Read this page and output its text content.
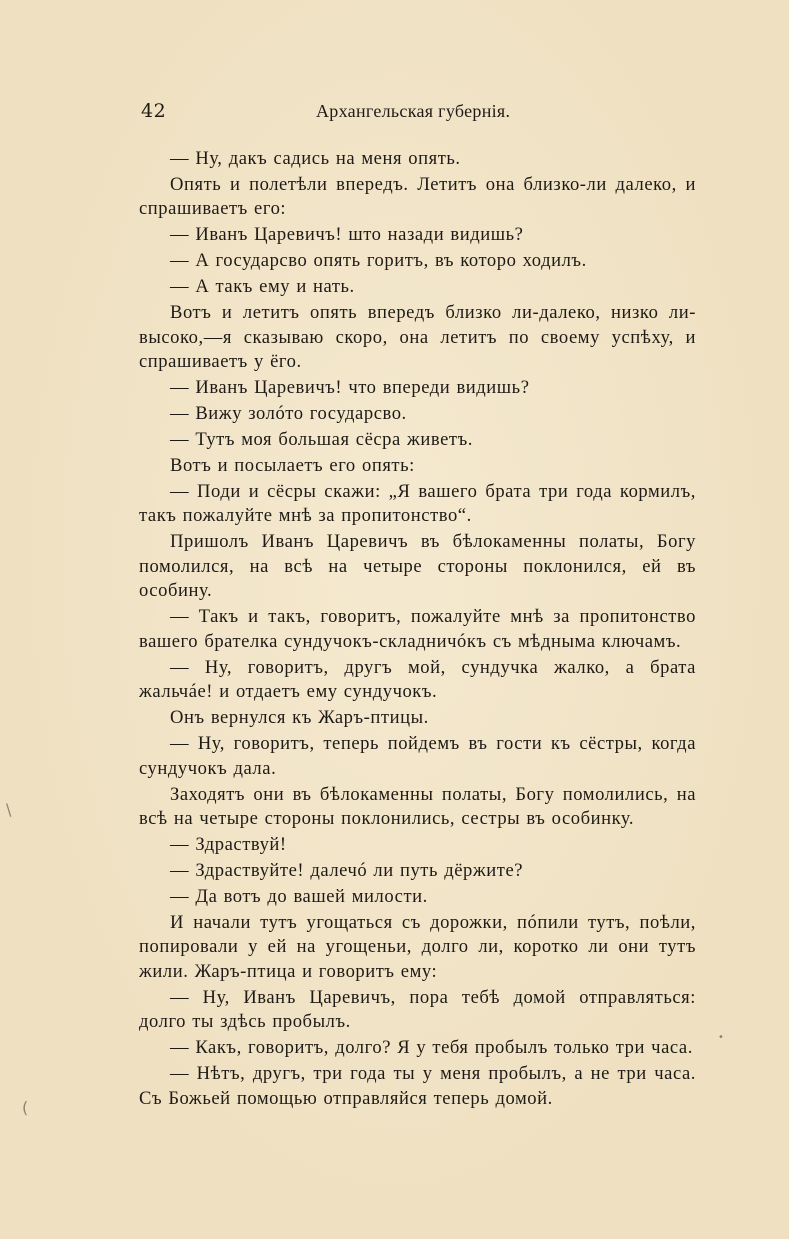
42	Архангельская губернія.

— Ну, дакъ садись на меня опять.

Опять и полетѣли впередъ. Летитъ она близко-ли далеко, и спрашиваетъ его:

— Иванъ Царевичъ! што назади видишь?

— А государсво опять горитъ, въ которо ходилъ.

— А такъ ему и нать.

Вотъ и летитъ опять впередъ близко ли-далеко, низко ли-высоко,—я сказываю скоро, она летитъ по своему успѣху, и спрашиваетъ у ёго.

— Иванъ Царевичъ! что впереди видишь?

— Вижу золóто государсво.

— Тутъ моя большая сёсра живетъ.

Вотъ и посылаетъ его опять:

— Поди и сёсры скажи: „Я вашего брата три года кормилъ, такъ пожалуйте мнѣ за пропитонство“.

Пришолъ Иванъ Царевичъ въ бѣлокаменны полаты, Богу помолился, на всѣ на четыре стороны поклонился, ей въ особину.

— Такъ и такъ, говоритъ, пожалуйте мнѣ за пропитонство вашего брателка сундучокъ-складничóкъ съ мѣдныма ключамъ.

— Ну, говоритъ, другъ мой, сундучка жалко, а брата жальчáе! и отдаетъ ему сундучокъ.

Онъ вернулся къ Жаръ-птицы.

— Ну, говоритъ, теперь пойдемъ въ гости къ сёстры, когда сундучокъ дала.

Заходятъ они въ бѣлокаменны полаты, Богу помолились, на всѣ на четыре стороны поклонились, сестры въ особинку.

— Здраствуй!

— Здраствуйте! далечó ли путь дёржите?

— Да вотъ до вашей милости.

И начали тутъ угощаться съ дорожки, пóпили тутъ, поѣли, попировали у ей на угощеньи, долго ли, коротко ли они тутъ жили. Жаръ-птица и говоритъ ему:

— Ну, Иванъ Царевичъ, пора тебѣ домой отправляться: долго ты здѣсь пробылъ.

— Какъ, говоритъ, долго? Я у тебя пробылъ только три часа.

— Нѣтъ, другъ, три года ты у меня пробылъ, а не три часа. Съ Божьей помощью отправляйся теперь домой.

\
(
•
